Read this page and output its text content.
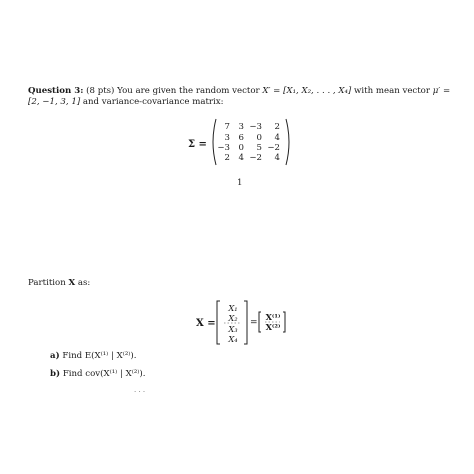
Question 3: (8 pts) You are given the random vector X′ = [X₁, X₂, . . . , X₄] with mean vector μ′ = [2, −1, 3, 1] and variance-covariance matrix:
Σ =
7 3 −3	2
3 6	0	4
−3 0	5 −2
2 4 −2	4
1
Partition X as:
X =
X₁
X₂
X₃
X₄
=
X⁽¹⁾
X⁽²⁾
a) Find E(X⁽¹⁾ | X⁽²⁾).
b) Find cov(X⁽¹⁾ | X⁽²⁾).
. . .
